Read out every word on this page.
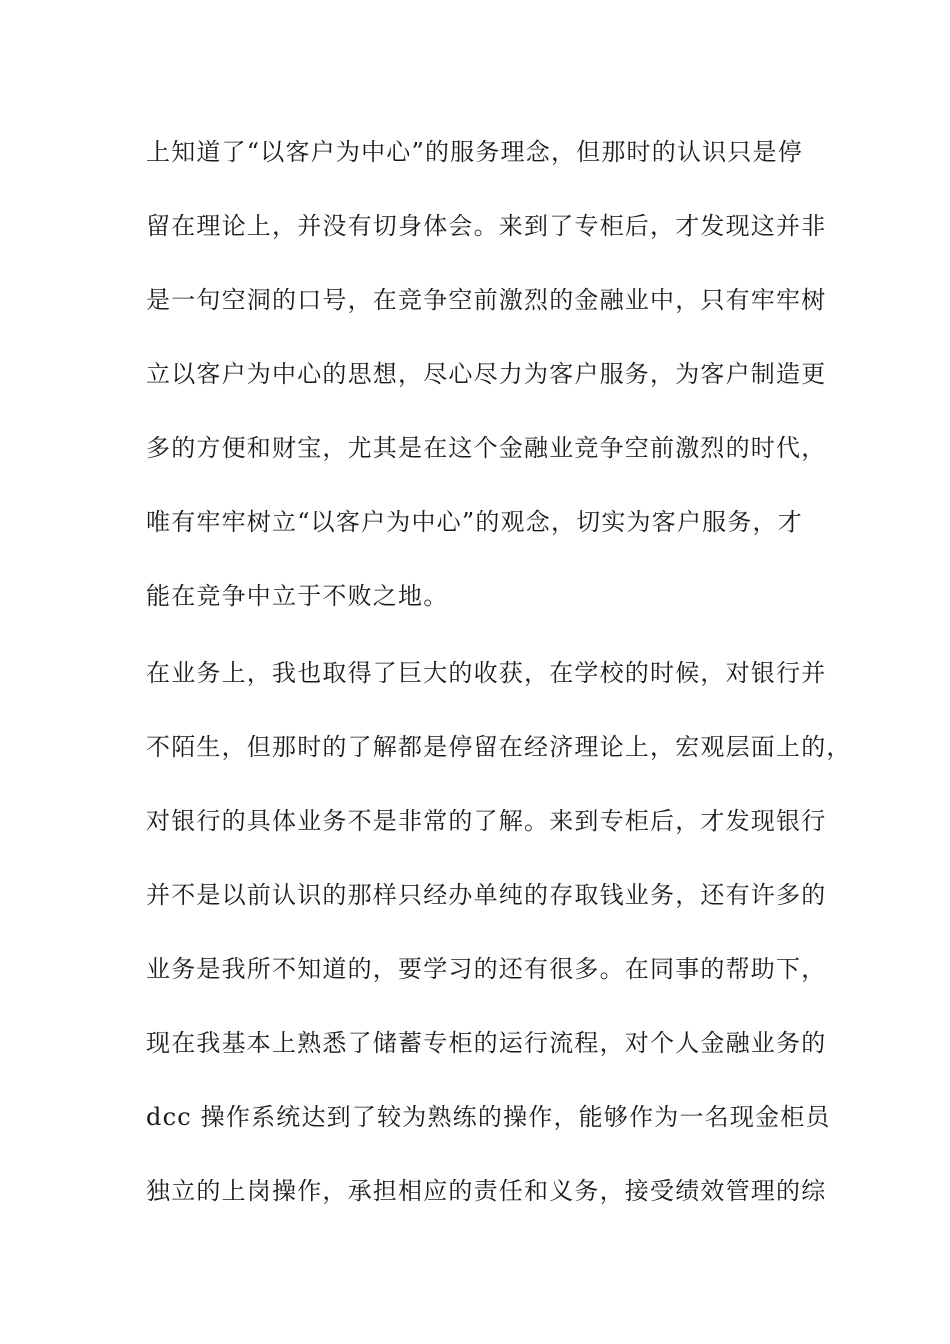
上知道了“以客户为中心”的服务理念，但那时的认识只是停
留在理论上，并没有切身体会。来到了专柜后，才发现这并非
是一句空洞的口号，在竞争空前激烈的金融业中，只有牢牢树
立以客户为中心的思想，尽心尽力为客户服务，为客户制造更
多的方便和财宝，尤其是在这个金融业竞争空前激烈的时代，
唯有牢牢树立“以客户为中心”的观念，切实为客户服务，才
能在竞争中立于不败之地。
在业务上，我也取得了巨大的收获，在学校的时候，对银行并
不陌生，但那时的了解都是停留在经济理论上，宏观层面上的，
对银行的具体业务不是非常的了解。来到专柜后，才发现银行
并不是以前认识的那样只经办单纯的存取钱业务，还有许多的
业务是我所不知道的，要学习的还有很多。在同事的帮助下，
现在我基本上熟悉了储蓄专柜的运行流程，对个人金融业务的
dcc 操作系统达到了较为熟练的操作，能够作为一名现金柜员
独立的上岗操作，承担相应的责任和义务，接受绩效管理的综
